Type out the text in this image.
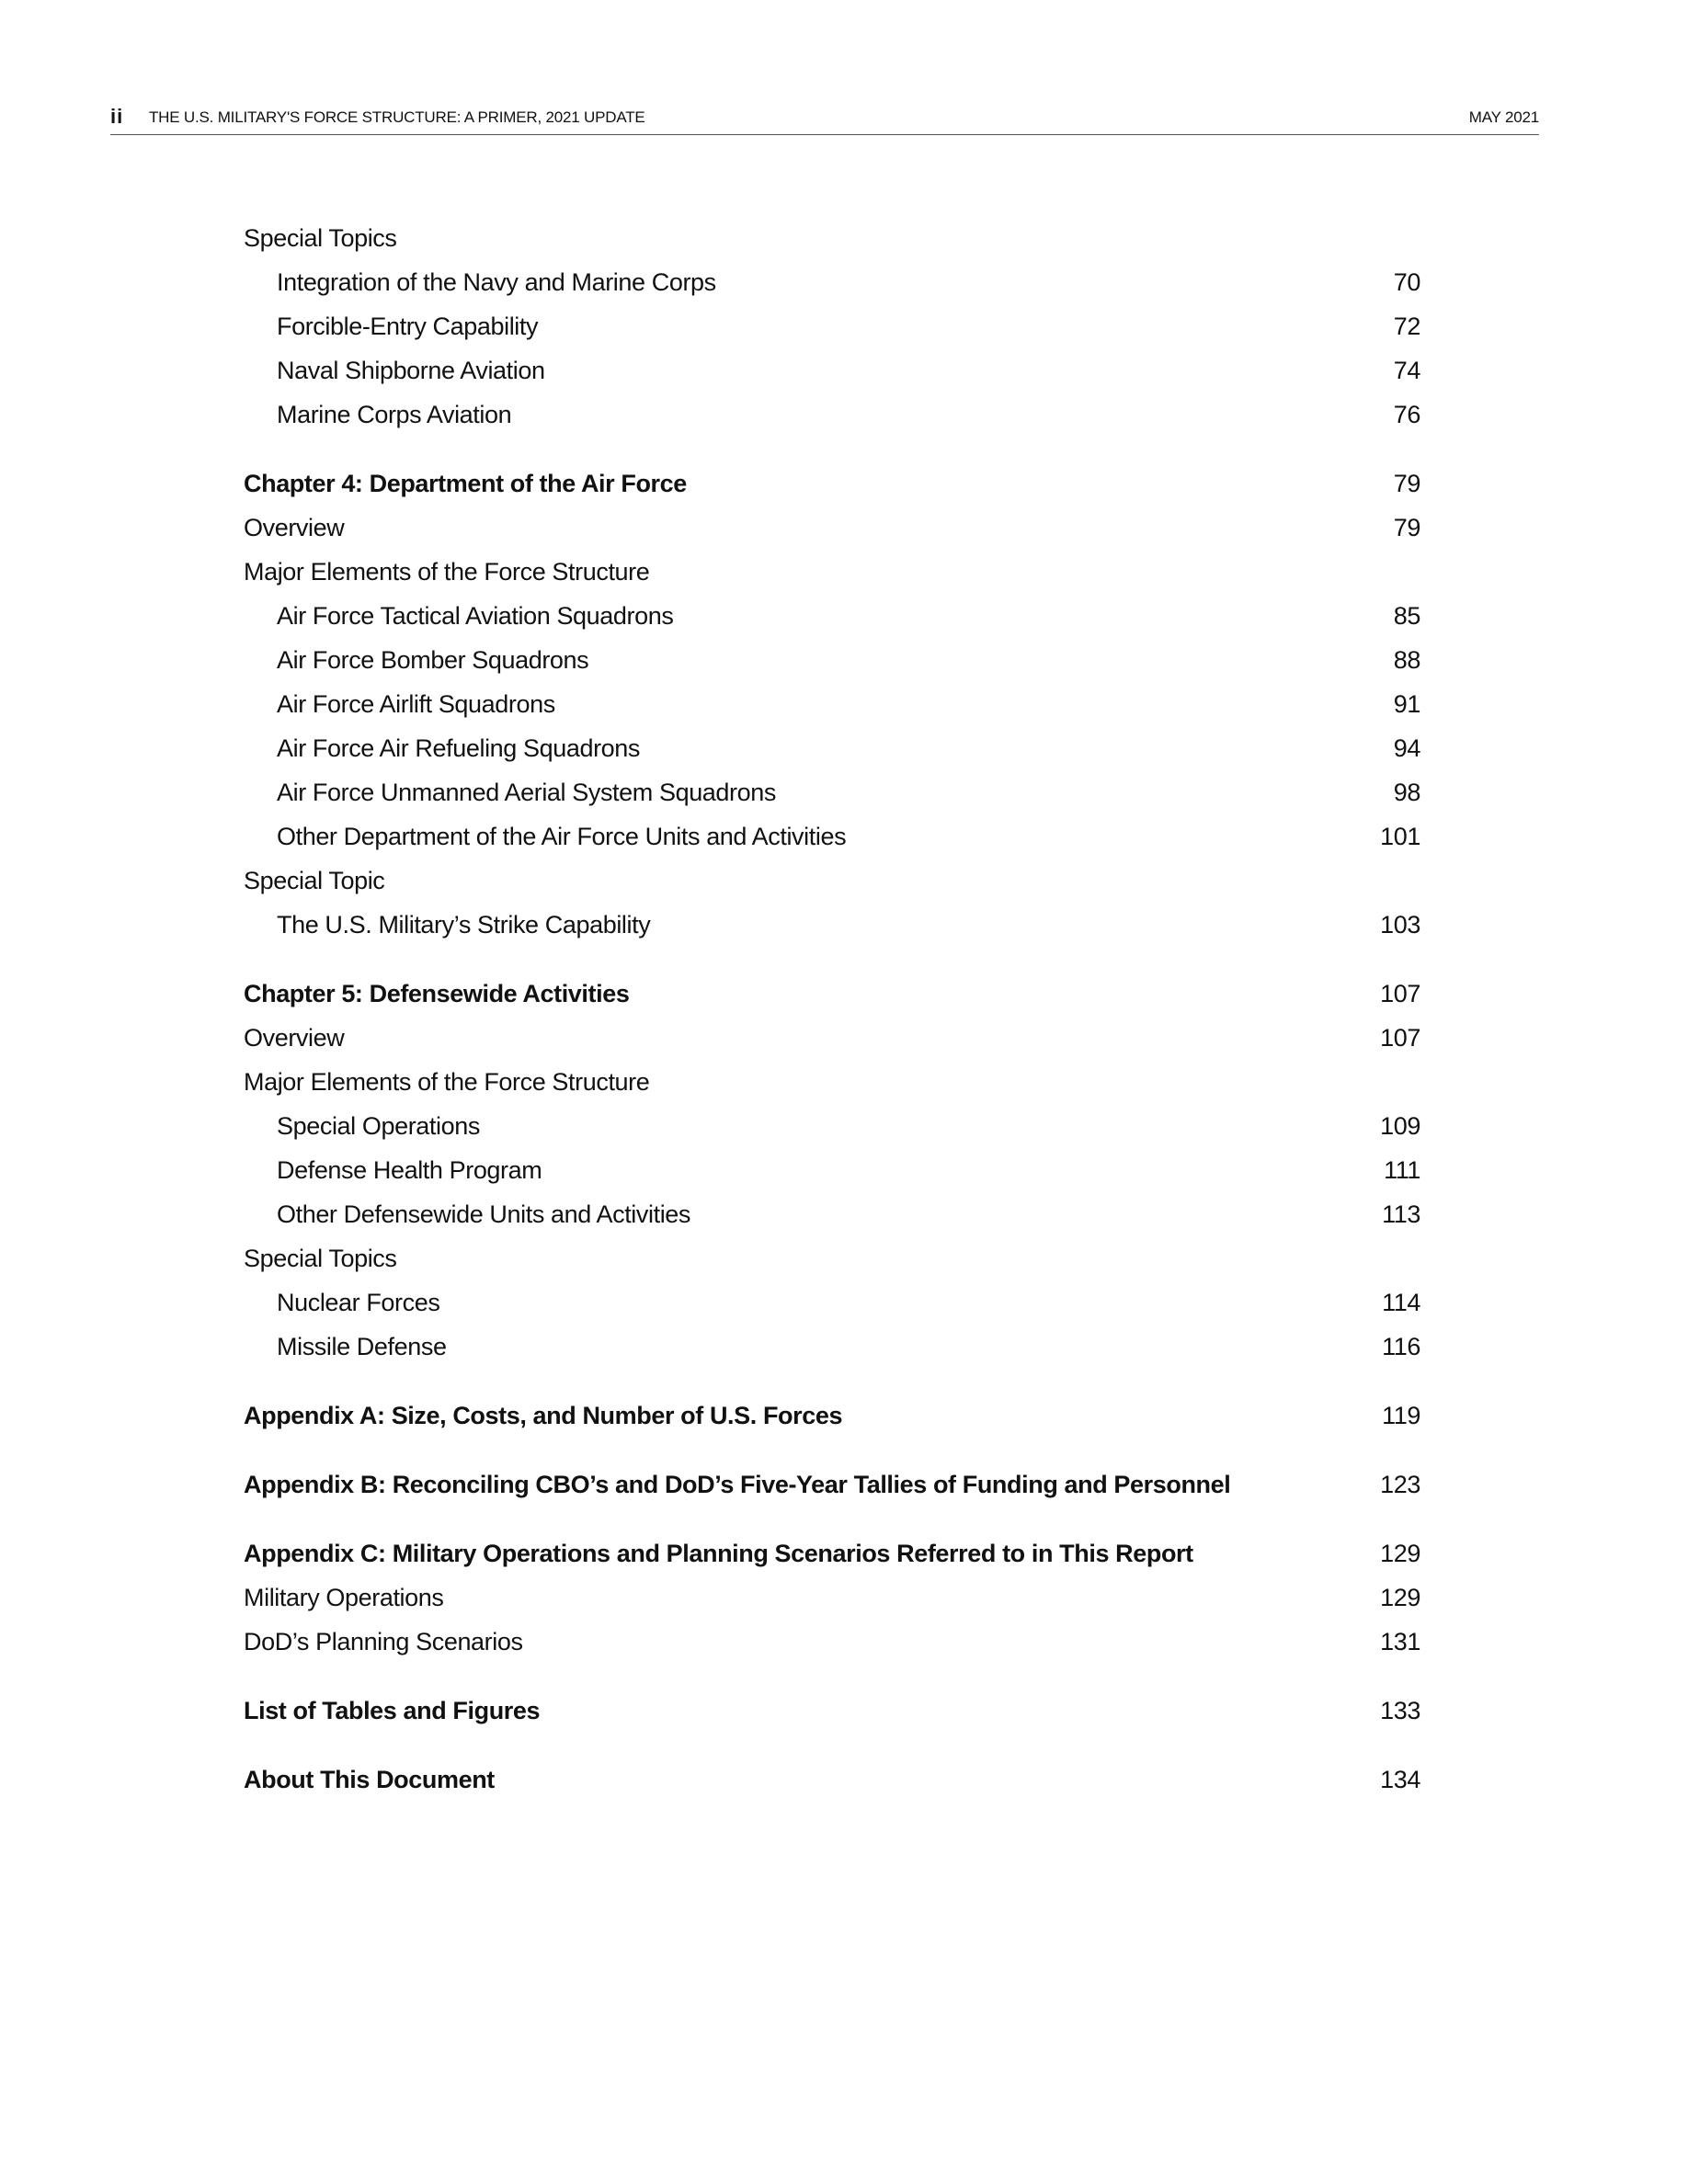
ii THE U.S. MILITARY'S FORCE STRUCTURE: A PRIMER, 2021 UPDATE	MAY 2021
Special Topics
Integration of the Navy and Marine Corps	70
Forcible-Entry Capability	72
Naval Shipborne Aviation	74
Marine Corps Aviation	76
Chapter 4: Department of the Air Force	79
Overview	79
Major Elements of the Force Structure
Air Force Tactical Aviation Squadrons	85
Air Force Bomber Squadrons	88
Air Force Airlift Squadrons	91
Air Force Air Refueling Squadrons	94
Air Force Unmanned Aerial System Squadrons	98
Other Department of the Air Force Units and Activities	101
Special Topic
The U.S. Military’s Strike Capability	103
Chapter 5: Defensewide Activities	107
Overview	107
Major Elements of the Force Structure
Special Operations	109
Defense Health Program	111
Other Defensewide Units and Activities	113
Special Topics
Nuclear Forces	114
Missile Defense	116
Appendix A: Size, Costs, and Number of U.S. Forces	119
Appendix B: Reconciling CBO’s and DoD’s Five-Year Tallies of Funding and Personnel	123
Appendix C: Military Operations and Planning Scenarios Referred to in This Report	129
Military Operations	129
DoD’s Planning Scenarios	131
List of Tables and Figures	133
About This Document	134
